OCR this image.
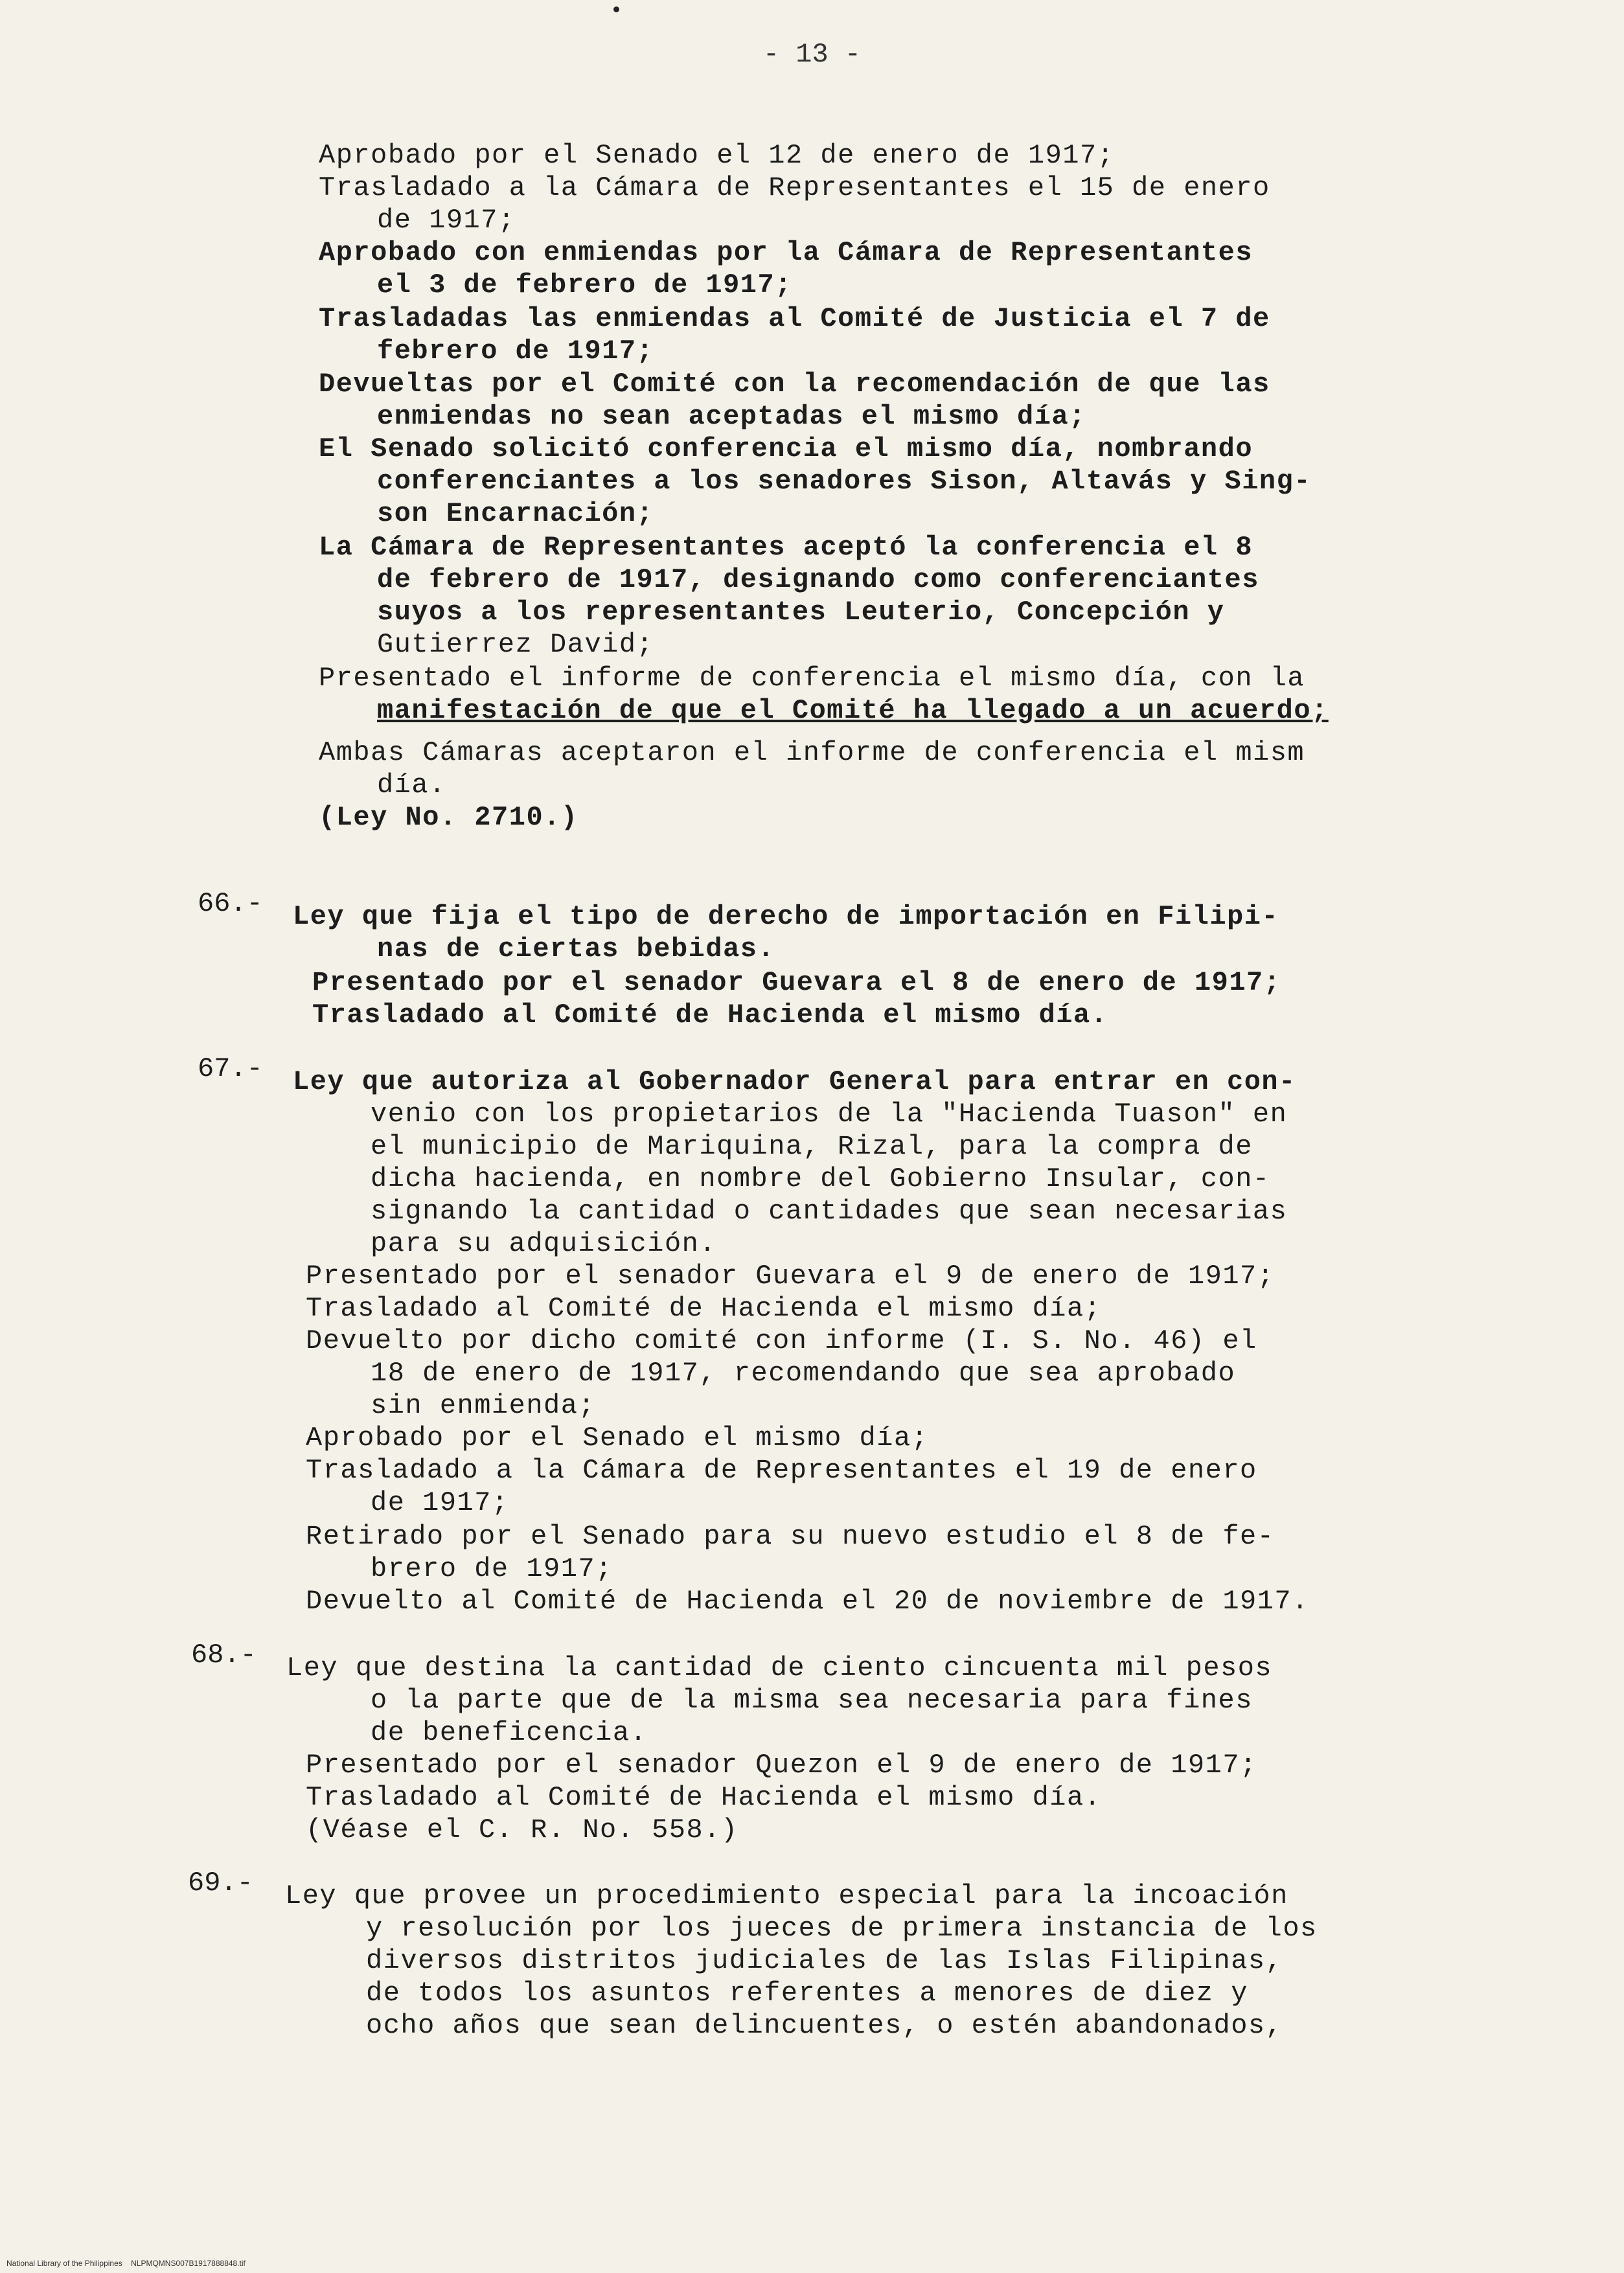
- 13 -
Aprobado por el Senado el 12 de enero de 1917;
Trasladado a la Cámara de Representantes el 15 de enero
de 1917;
Aprobado con enmiendas por la Cámara de Representantes
el 3 de febrero de 1917;
Trasladadas las enmiendas al Comité de Justicia el 7 de
febrero de 1917;
Devueltas por el Comité con la recomendación de que las
enmiendas no sean aceptadas el mismo día;
El Senado solicitó conferencia el mismo día, nombrando
conferenciantes a los senadores Sison, Altavás y Sing-
son Encarnación;
La Cámara de Representantes aceptó la conferencia el 8
de febrero de 1917, designando como conferenciantes
suyos a los representantes Leuterio, Concepción y
Gutierrez David;
Presentado el informe de conferencia el mismo día, con la
manifestación de que el Comité ha llegado a un acuerdo;
Ambas Cámaras aceptaron el informe de conferencia el mism
día.
(Ley No. 2710.)
66.- Ley que fija el tipo de derecho de importación en Filipi-
nas de ciertas bebidas.
Presentado por el senador Guevara el 8 de enero de 1917;
Trasladado al Comité de Hacienda el mismo día.
67.- Ley que autoriza al Gobernador General para entrar en con-
venio con los propietarios de la "Hacienda Tuason" en
el municipio de Mariquina, Rizal, para la compra de
dicha hacienda, en nombre del Gobierno Insular, con-
signando la cantidad o cantidades que sean necesarias
para su adquisición.
Presentado por el senador Guevara el 9 de enero de 1917;
Trasladado al Comité de Hacienda el mismo día;
Devuelto por dicho comité con informe (I. S. No. 46) el
18 de enero de 1917, recomendando que sea aprobado
sin enmienda;
Aprobado por el Senado el mismo día;
Trasladado a la Cámara de Representantes el 19 de enero
de 1917;
Retirado por el Senado para su nuevo estudio el 8 de fe-
brero de 1917;
Devuelto al Comité de Hacienda el 20 de noviembre de 1917.
68.- Ley que destina la cantidad de ciento cincuenta mil pesos
o la parte que de la misma sea necesaria para fines
de beneficencia.
Presentado por el senador Quezon el 9 de enero de 1917;
Trasladado al Comité de Hacienda el mismo día.
(Véase el C. R. No. 558.)
69.- Ley que provee un procedimiento especial para la incoación
y resolución por los jueces de primera instancia de los
diversos distritos judiciales de las Islas Filipinas,
de todos los asuntos referentes a menores de diez y
ocho años que sean delincuentes, o estén abandonados,
National Library of the Philippines    NLPMQMNS007B1917888848.tif
